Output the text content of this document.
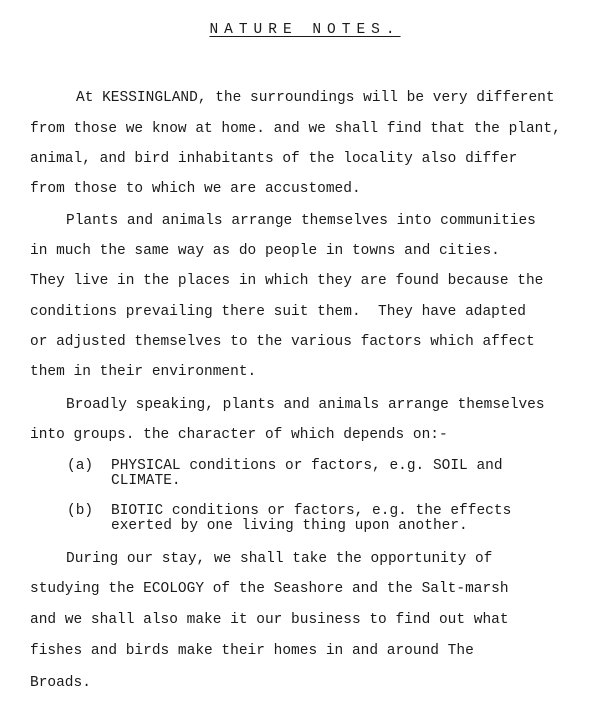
NATURE NOTES.
At KESSINGLAND, the surroundings will be very different
from those we know at home. and we shall find that the plant,
animal, and bird inhabitants of the locality also differ
from those to which we are accustomed.
Plants and animals arrange themselves into communities
in much the same way as do people in towns and cities.
They live in the places in which they are found because the
conditions prevailing there suit them.  They have adapted
or adjusted themselves to the various factors which affect
them in their environment.
Broadly speaking, plants and animals arrange themselves
into groups. the character of which depends on:-
(a) PHYSICAL conditions or factors, e.g. SOIL and
CLIMATE.
(b) BIOTIC conditions or factors, e.g. the effects
exerted by one living thing upon another.
During our stay, we shall take the opportunity of
studying the ECOLOGY of the Seashore and the Salt-marsh
and we shall also make it our business to find out what
fishes and birds make their homes in and around The
Broads.
